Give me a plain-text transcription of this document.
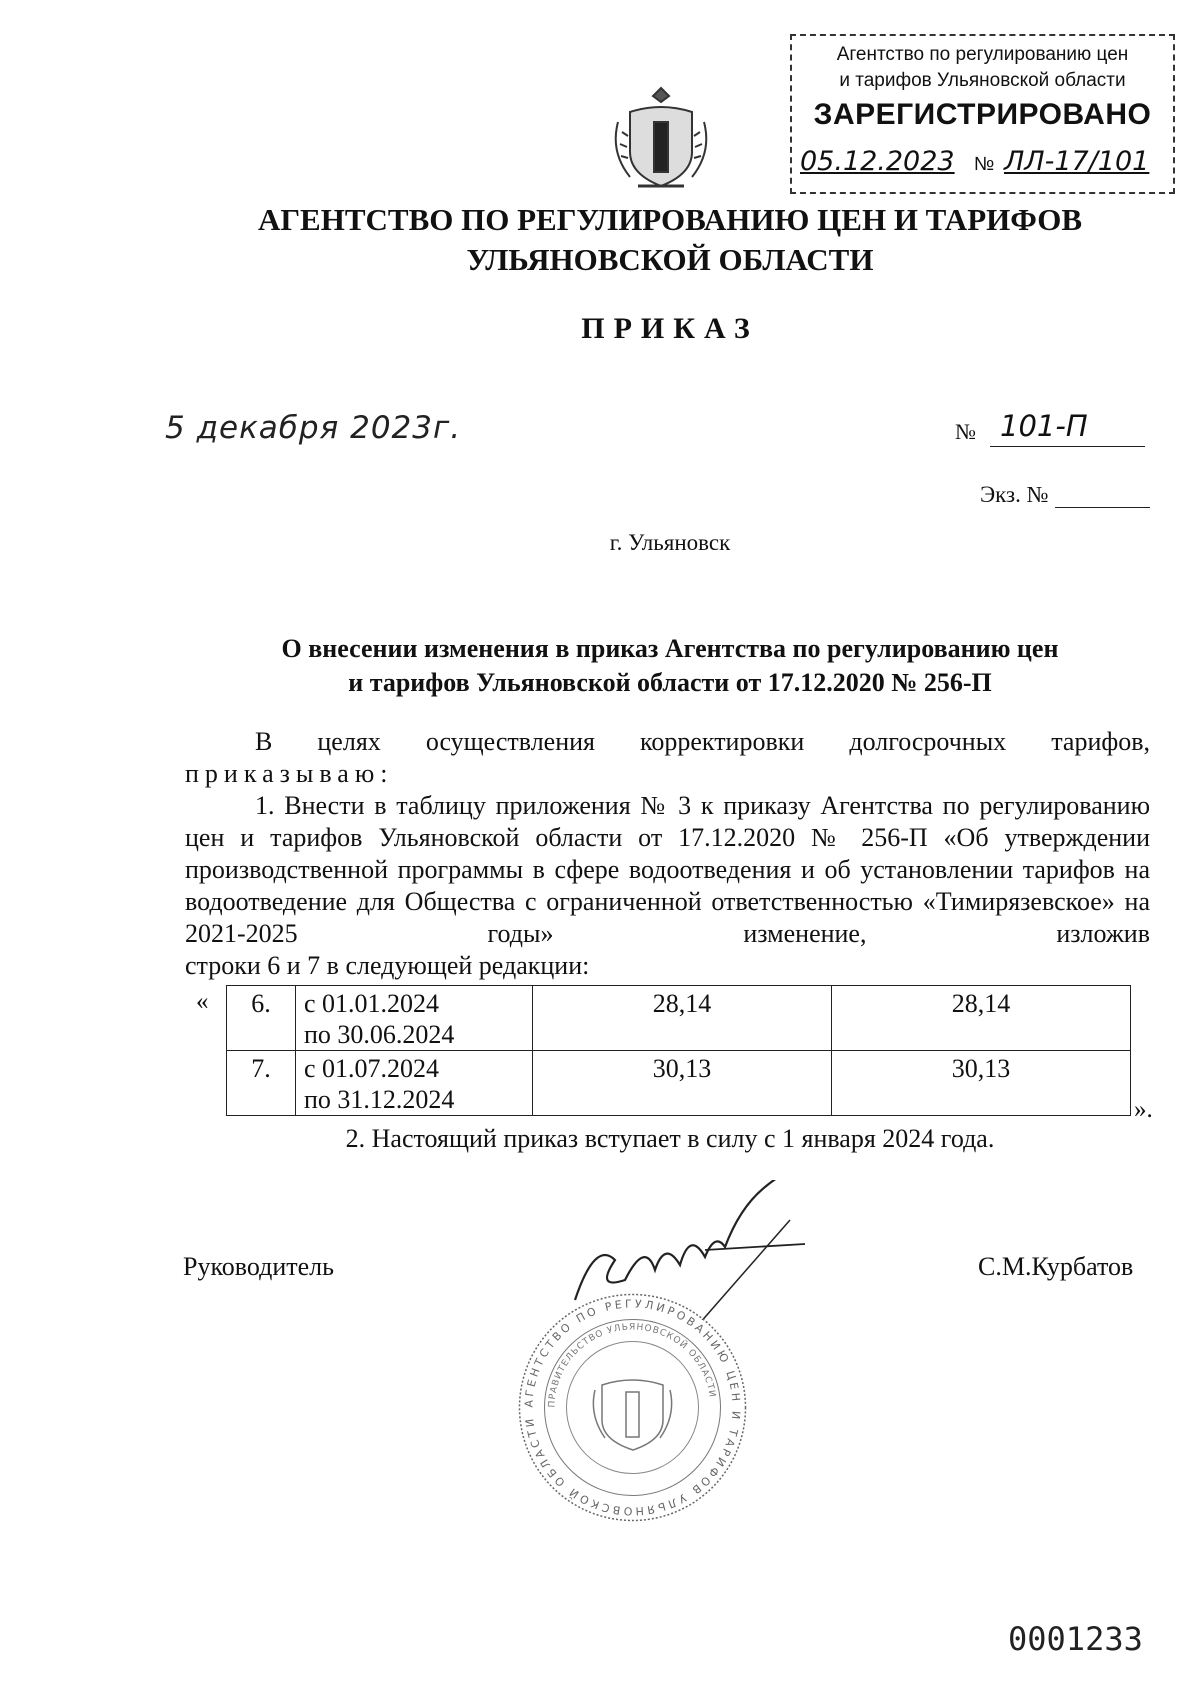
Агентство по регулированию цен
и тарифов Ульяновской области
ЗАРЕГИСТРИРОВАНО
05.12.2023 № ЛЛ-17/101
АГЕНТСТВО ПО РЕГУЛИРОВАНИЮ ЦЕН И ТАРИФОВ
УЛЬЯНОВСКОЙ ОБЛАСТИ
ПРИКАЗ
5 декабря 2023г.	№ 101-П
Экз. №
г. Ульяновск
О внесении изменения в приказ Агентства по регулированию цен
и тарифов Ульяновской области от 17.12.2020 № 256-П
В целях осуществления корректировки долгосрочных тарифов,
приказываю:
1. Внести в таблицу приложения № 3 к приказу Агентства по регулированию цен и тарифов Ульяновской области от 17.12.2020 № 256-П «Об утверждении производственной программы в сфере водоотведения и об установлении тарифов на водоотведение для Общества с ограниченной ответственностью «Тимирязевское» на 2021-2025 годы» изменение, изложив
строки 6 и 7 в следующей редакции:
« 6.	с 01.01.2024
по 30.06.2024	28,14	28,14
7.	с 01.07.2024
по 31.12.2024	30,13	30,13
».
2. Настоящий приказ вступает в силу с 1 января 2024 года.
Руководитель	С.М.Курбатов
АГЕНТСТВО ПО РЕГУЛИРОВАНИЮ ЦЕН И ТАРИФОВ УЛЬЯНОВСКОЙ ОБЛАСТИ
ПРАВИТЕЛЬСТВО УЛЬЯНОВСКОЙ ОБЛАСТИ
0001233
